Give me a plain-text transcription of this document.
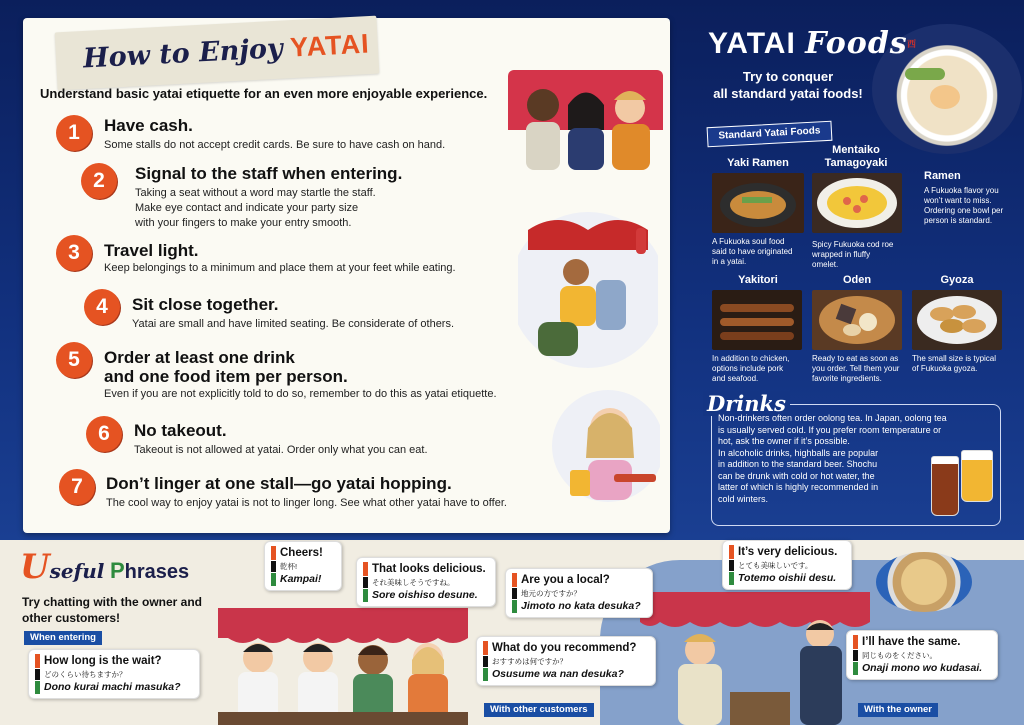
How to Enjoy YATAI
Understand basic yatai etiquette for an even more enjoyable experience.
1	Have cash.
Some stalls do not accept credit cards. Be sure to have cash on hand.
2	Signal to the staff when entering.
Taking a seat without a word may startle the staff.
Make eye contact and indicate your party size
with your fingers to make your entry smooth.
3	Travel light.
Keep belongings to a minimum and place them at your feet while eating.
4	Sit close together.
Yatai are small and have limited seating. Be considerate of others.
5	Order at least one drink
and one food item per person.
Even if you are not explicitly told to do so, remember to do this as yatai etiquette.
6	No takeout.
Takeout is not allowed at yatai. Order only what you can eat.
7	Don’t linger at one stall—go yatai hopping.
The cool way to enjoy yatai is not to linger long. See what other yatai have to offer.
西
YATAI Foods
Try to conquer
all standard yatai foods!
Standard Yatai Foods
Yaki Ramen
A Fukuoka soul food
said to have originated
in a yatai.
Mentaiko
Tamagoyaki
Spicy Fukuoka cod roe
wrapped in fluffy
omelet.
Ramen
A Fukuoka flavor you
won’t want to miss.
Ordering one bowl per
person is standard.
Yakitori
In addition to chicken,
options include pork
and seafood.
Oden
Ready to eat as soon as
you order. Tell them your
favorite ingredients.
Gyoza
The small size is typical
of Fukuoka gyoza.
Drinks
Non-drinkers often order oolong tea. In Japan, oolong tea
is usually served cold. If you prefer room temperature or
hot, ask the owner if it’s possible.
In alcoholic drinks, highballs are popular
in addition to the standard beer. Shochu
can be drunk with cold or hot water, the
latter of which is highly recommended in
cold winters.
Useful Phrases
Try chatting with the owner and
other customers!
When entering
With other customers	With the owner
How long is the wait?
どのくらい待ちますか？
Dono kurai machi masuka?
Cheers!
乾杯!
Kampai!
That looks delicious.
それ美味しそうですね。
Sore oishiso desune.
Are you a local?
地元の方ですか？
Jimoto no kata desuka?
What do you recommend?
おすすめは何ですか？
Osusume wa nan desuka?
It’s very delicious.
とても美味しいです。
Totemo oishii desu.
I’ll have the same.
同じものをください。
Onaji mono wo kudasai.
